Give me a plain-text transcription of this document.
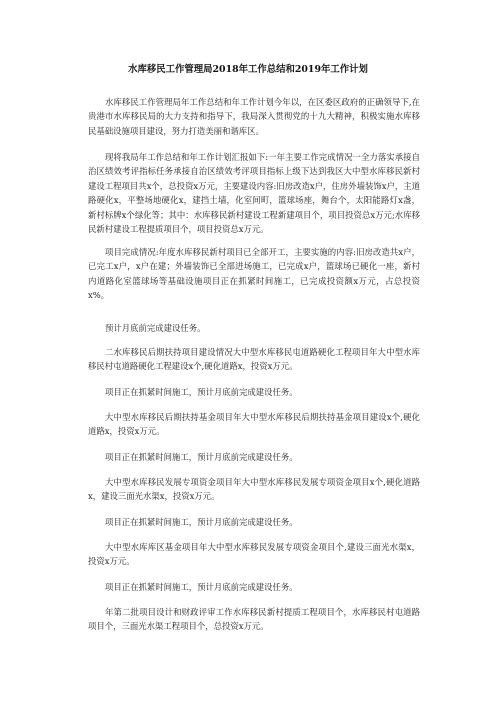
水库移民工作管理局2018年工作总结和2019年工作计划

水库移民工作管理局年工作总结和年工作计划今年以，在区委区政府的正确领导下,在贵港市水库移民局的大力支持和指导下，我局深入贯彻党的十九大精神，积极实施水库移民基础设施项目建设，努力打造美丽和谐库区。

现将我局年工作总结和年工作计划汇报如下:一年主要工作完成情况一全力落实承接自治区绩效考评指标任务承接自治区绩效考评项目指标上级下达到我区大中型水库移民新村建设工程项目共x个，总投资x万元，主要建设内容:旧房改造x户，住房外墙装饰x户，主道路硬化x，平整场地硬化x，建挡土墙，化室间町，篮球场座，舞台个，太阳能路灯x盏，新村标牌x个绿化等；其中：水库移民新村建设工程新建项目个，项目投资总x万元;水库移民新村建设工程提质项目个，项目投资总x万元。

项目完成情况:年度水库移民新村项目已全部开工，主要实施的内容:旧房改造共x户，已完工x户，x户在建；外墙装饰已全部进场施工，已完成x户，篮球场已硬化一座，新村内道路化室篮球场等基础设施项目正在抓紧时间施工，已完成投资额x万元，占总投资x%。

预计月底前完成建设任务。

二水库移民后期扶持项目建设情况大中型水库移民屯道路硬化工程项目年大中型水库移民村屯道路硬化工程建设x个,硬化道路x，投资x万元。

项目正在抓紧时间施工，预计月底前完成建设任务。

大中型水库移民后期扶持基金项目年大中型水库移民后期扶持基金项目建设x个,硬化道路x，投资x万元。

项目正在抓紧时间施工，预计月底前完成建设任务。

大中型水库移民发展专项资金项目年大中型水库移民发展专项资金项目x个,硬化道路x，建设三面光水渠x，投资x万元。

项目正在抓紧时间施工，预计月底前完成建设任务。

大中型水库库区基金项目年大中型水库移民发展专项资金项目个,建设三面光水渠x，投资x万元。

项目正在抓紧时间施工，预计月底前完成建设任务。

年第二批项目设计和财政评审工作水库移民新村提质工程项目个，水库移民村屯道路项目个，三面光水渠工程项目个，总投资x万元。
